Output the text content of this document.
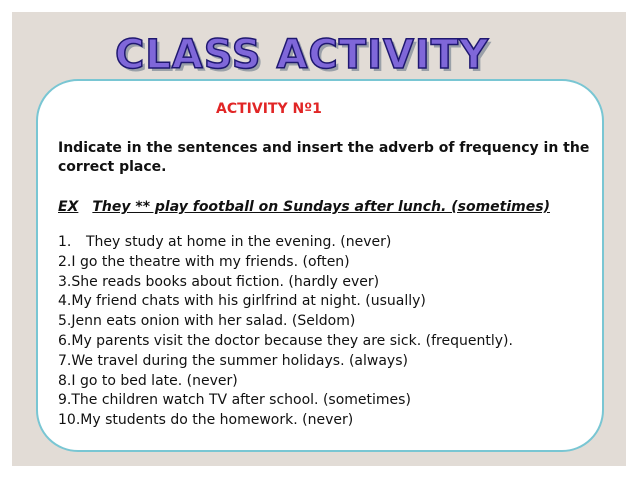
CLASS ACTIVITY
ACTIVITY Nº1
Indicate in the sentences and insert the adverb of frequency in the correct place.
EX They ** play football on Sundays after lunch. (sometimes)
1. They study at home in the evening. (never)
2.I go the theatre with my friends. (often)
3.She reads books about fiction. (hardly ever)
4.My friend chats with his girlfrind at night. (usually)
5.Jenn eats onion with her salad. (Seldom)
6.My parents visit the doctor because they are sick. (frequently).
7.We travel during the summer holidays. (always)
8.I go to bed late. (never)
9.The children watch TV after school. (sometimes)
10.My students do the homework. (never)
